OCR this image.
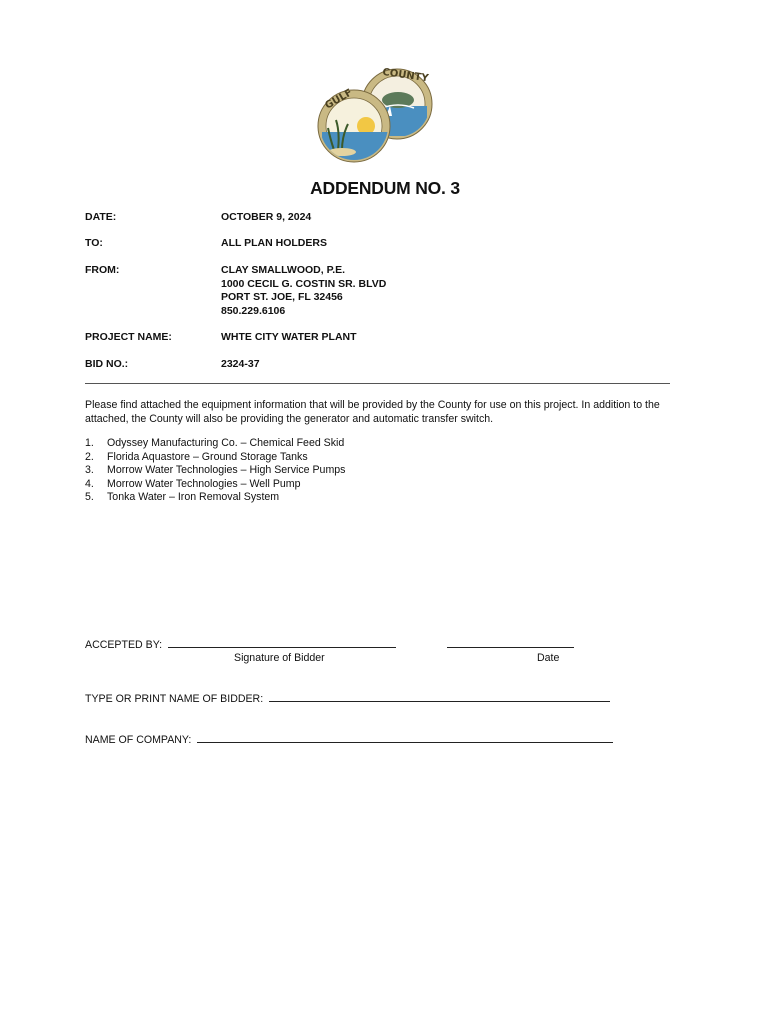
COUNTY
GULF
ADDENDUM NO. 3
DATE:	OCTOBER 9, 2024
TO:	ALL PLAN HOLDERS
FROM:	CLAY SMALLWOOD, P.E.
1000 CECIL G. COSTIN SR. BLVD
PORT ST. JOE, FL 32456
850.229.6106
PROJECT NAME:	WHTE CITY WATER PLANT
BID NO.:	2324-37
Please find attached the equipment information that will be provided by the County for use on this project. In addition to the attached, the County will also be providing the generator and automatic transfer switch.
1. Odyssey Manufacturing Co. – Chemical Feed Skid
2. Florida Aquastore – Ground Storage Tanks
3. Morrow Water Technologies – High Service Pumps
4. Morrow Water Technologies – Well Pump
5. Tonka Water – Iron Removal System
ACCEPTED BY:
Signature of Bidder	Date
TYPE OR PRINT NAME OF BIDDER:
NAME OF COMPANY:
